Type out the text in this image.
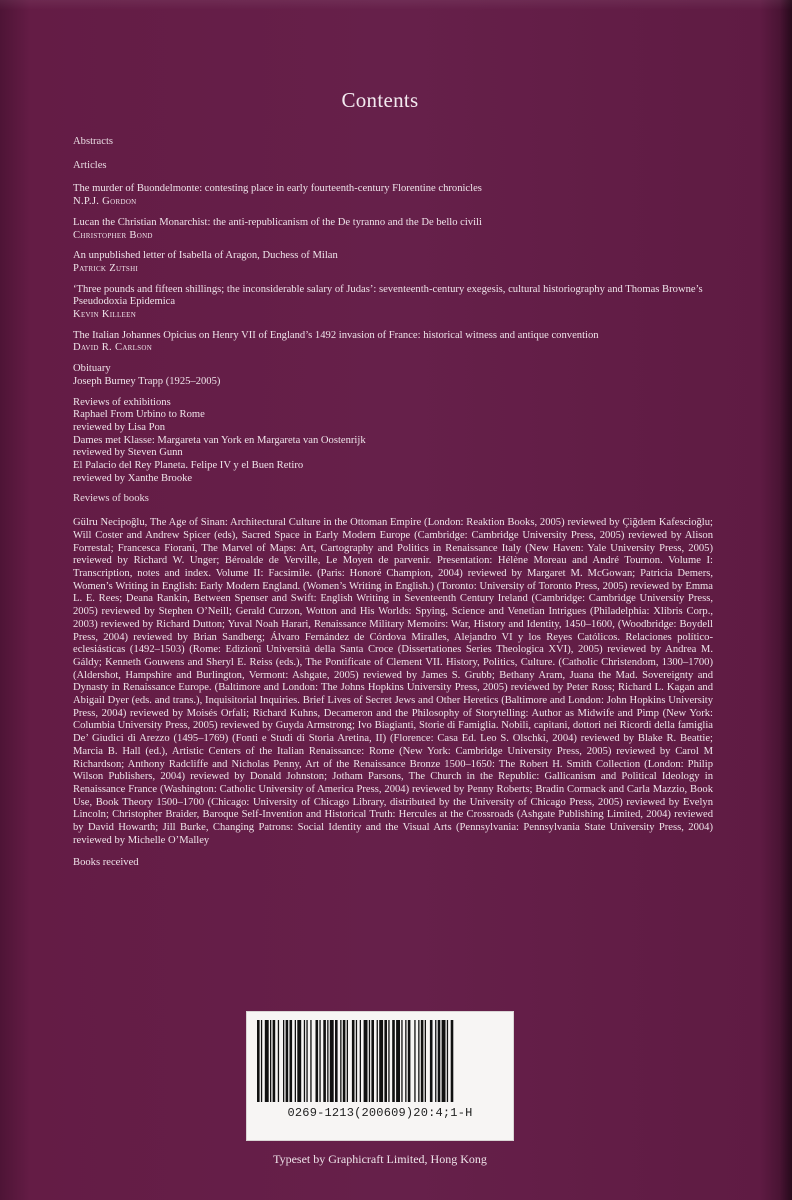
Contents
Abstracts
Articles
The murder of Buondelmonte: contesting place in early fourteenth-century Florentine chronicles
N.P.J. Gordon
Lucan the Christian Monarchist: the anti-republicanism of the De tyranno and the De bello civili
Christopher Bond
An unpublished letter of Isabella of Aragon, Duchess of Milan
Patrick Zutshi
‘Three pounds and fifteen shillings; the inconsiderable salary of Judas’: seventeenth-century exegesis, cultural historiography and Thomas Browne’s Pseudodoxia Epidemica
Kevin Killeen
The Italian Johannes Opicius on Henry VII of England’s 1492 invasion of France: historical witness and antique convention
David R. Carlson
Obituary
Joseph Burney Trapp (1925–2005)
Reviews of exhibitions
Raphael From Urbino to Rome
reviewed by Lisa Pon
Dames met Klasse: Margareta van York en Margareta van Oostenrijk
reviewed by Steven Gunn
El Palacio del Rey Planeta. Felipe IV y el Buen Retiro
reviewed by Xanthe Brooke
Reviews of books
Gülru Necipoğlu, The Age of Sinan: Architectural Culture in the Ottoman Empire (London: Reaktion Books, 2005) reviewed by Çiğdem Kafescioğlu; Will Coster and Andrew Spicer (eds), Sacred Space in Early Modern Europe (Cambridge: Cambridge University Press, 2005) reviewed by Alison Forrestal; Francesca Fiorani, The Marvel of Maps: Art, Cartography and Politics in Renaissance Italy (New Haven: Yale University Press, 2005) reviewed by Richard W. Unger; Béroalde de Verville, Le Moyen de parvenir. Presentation: Hélène Moreau and André Tournon. Volume I: Transcription, notes and index. Volume II: Facsimile. (Paris: Honoré Champion, 2004) reviewed by Margaret M. McGowan; Patricia Demers, Women’s Writing in English: Early Modern England. (Women’s Writing in English.) (Toronto: University of Toronto Press, 2005) reviewed by Emma L. E. Rees; Deana Rankin, Between Spenser and Swift: English Writing in Seventeenth Century Ireland (Cambridge: Cambridge University Press, 2005) reviewed by Stephen O’Neill; Gerald Curzon, Wotton and His Worlds: Spying, Science and Venetian Intrigues (Philadelphia: Xlibris Corp., 2003) reviewed by Richard Dutton; Yuval Noah Harari, Renaissance Military Memoirs: War, History and Identity, 1450–1600, (Woodbridge: Boydell Press, 2004) reviewed by Brian Sandberg; Álvaro Fernández de Córdova Miralles, Alejandro VI y los Reyes Católicos. Relaciones político-eclesiásticas (1492–1503) (Rome: Edizioni Università della Santa Croce (Dissertationes Series Theologica XVI), 2005) reviewed by Andrea M. Gáldy; Kenneth Gouwens and Sheryl E. Reiss (eds.), The Pontificate of Clement VII. History, Politics, Culture. (Catholic Christendom, 1300–1700) (Aldershot, Hampshire and Burlington, Vermont: Ashgate, 2005) reviewed by James S. Grubb; Bethany Aram, Juana the Mad. Sovereignty and Dynasty in Renaissance Europe. (Baltimore and London: The Johns Hopkins University Press, 2005) reviewed by Peter Ross; Richard L. Kagan and Abigail Dyer (eds. and trans.), Inquisitorial Inquiries. Brief Lives of Secret Jews and Other Heretics (Baltimore and London: John Hopkins University Press, 2004) reviewed by Moisés Orfali; Richard Kuhns, Decameron and the Philosophy of Storytelling: Author as Midwife and Pimp (New York: Columbia University Press, 2005) reviewed by Guyda Armstrong; Ivo Biagianti, Storie di Famiglia. Nobili, capitani, dottori nei Ricordi della famiglia De’ Giudici di Arezzo (1495–1769) (Fonti e Studi di Storia Aretina, II) (Florence: Casa Ed. Leo S. Olschki, 2004) reviewed by Blake R. Beattie; Marcia B. Hall (ed.), Artistic Centers of the Italian Renaissance: Rome (New York: Cambridge University Press, 2005) reviewed by Carol M Richardson; Anthony Radcliffe and Nicholas Penny, Art of the Renaissance Bronze 1500–1650: The Robert H. Smith Collection (London: Philip Wilson Publishers, 2004) reviewed by Donald Johnston; Jotham Parsons, The Church in the Republic: Gallicanism and Political Ideology in Renaissance France (Washington: Catholic University of America Press, 2004) reviewed by Penny Roberts; Bradin Cormack and Carla Mazzio, Book Use, Book Theory 1500–1700 (Chicago: University of Chicago Library, distributed by the University of Chicago Press, 2005) reviewed by Evelyn Lincoln; Christopher Braider, Baroque Self-Invention and Historical Truth: Hercules at the Crossroads (Ashgate Publishing Limited, 2004) reviewed by David Howarth; Jill Burke, Changing Patrons: Social Identity and the Visual Arts (Pennsylvania: Pennsylvania State University Press, 2004) reviewed by Michelle O’Malley
Books received
0269-1213(200609)20:4;1-H
Typeset by Graphicraft Limited, Hong Kong
